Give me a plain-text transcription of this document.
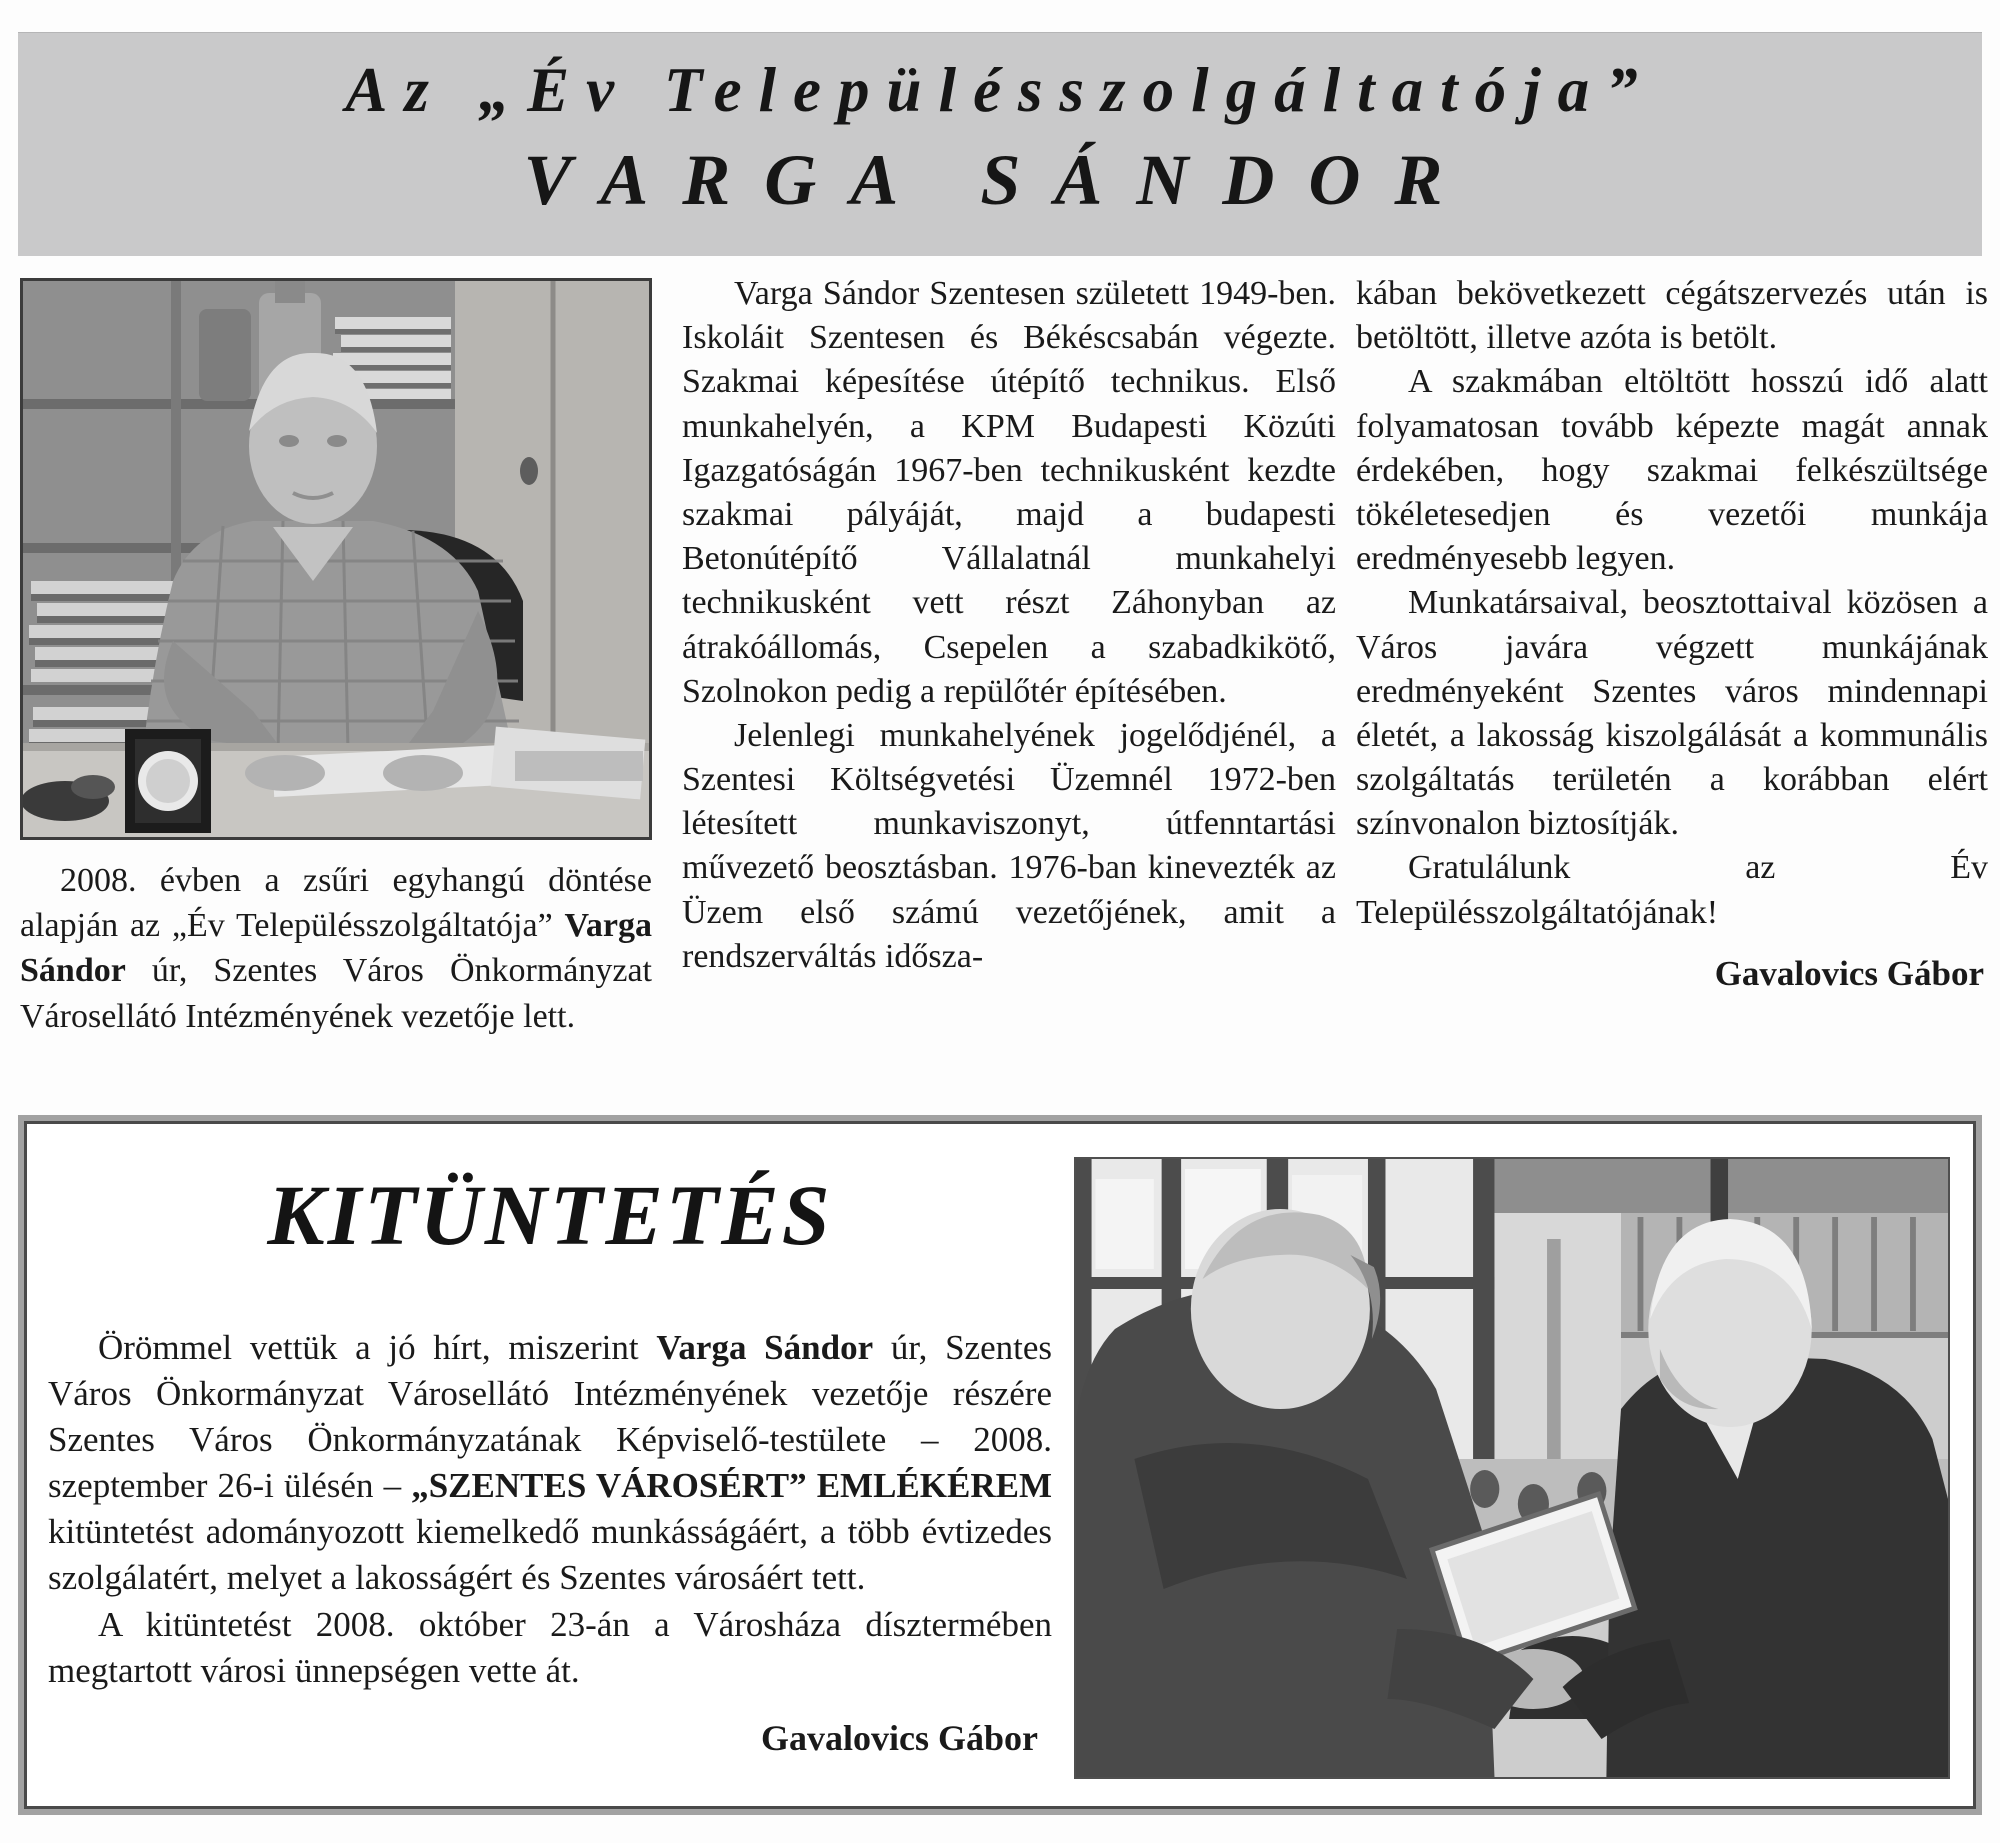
Az „Év Településszolgáltatója”
VARGA SÁNDOR
2008. évben a zsűri egyhangú döntése alapján az „Év Településszolgáltatója” Varga Sándor úr, Szentes Város Önkormányzat Városellátó Intézményének vezetője lett.

Varga Sándor Szentesen született 1949-ben. Iskoláit Szentesen és Békéscsabán végezte. Szakmai képesítése útépítő technikus. Első munkahelyén, a KPM Budapesti Közúti Igazgatóságán 1967-ben technikusként kezdte szakmai pályáját, majd a budapesti Betonútépítő Vállalatnál munkahelyi technikusként vett részt Záhonyban az átrakóállomás, Csepelen a szabadkikötő, Szolnokon pedig a repülőtér építésében.

Jelenlegi munkahelyének jogelődjénél, a Szentesi Költségvetési Üzemnél 1972-ben létesített munkaviszonyt, útfenntartási művezető beosztásban. 1976-ban kinevezték az Üzem első számú vezetőjének, amit a rendszerváltás idősza-

kában bekövetkezett cégátszervezés után is betöltött, illetve azóta is betölt.

A szakmában eltöltött hosszú idő alatt folyamatosan tovább képezte magát annak érdekében, hogy szakmai felkészültsége tökéletesedjen és vezetői munkája eredményesebb legyen.

Munkatársaival, beosztottaival közösen a Város javára végzett munkájának eredményeként Szentes város mindennapi életét, a lakosság kiszolgálását a kommunális szolgáltatás területén a korábban elért színvonalon biztosítják.

Gratulálunk az Év Településszolgáltatójának!

Gavalovics Gábor
KITÜNTETÉS

Örömmel vettük a jó hírt, miszerint Varga Sándor úr, Szentes Város Önkormányzat Városellátó Intézményének vezetője részére Szentes Város Önkormányzatának Képviselő-testülete – 2008. szeptember 26-i ülésén – „SZENTES VÁROSÉRT” EMLÉKÉREM kitüntetést adományozott kiemelkedő munkásságáért, a több évtizedes szolgálatért, melyet a lakosságért és Szentes városáért tett.

A kitüntetést 2008. október 23-án a Városháza dísztermében megtartott városi ünnepségen vette át.

Gavalovics Gábor
